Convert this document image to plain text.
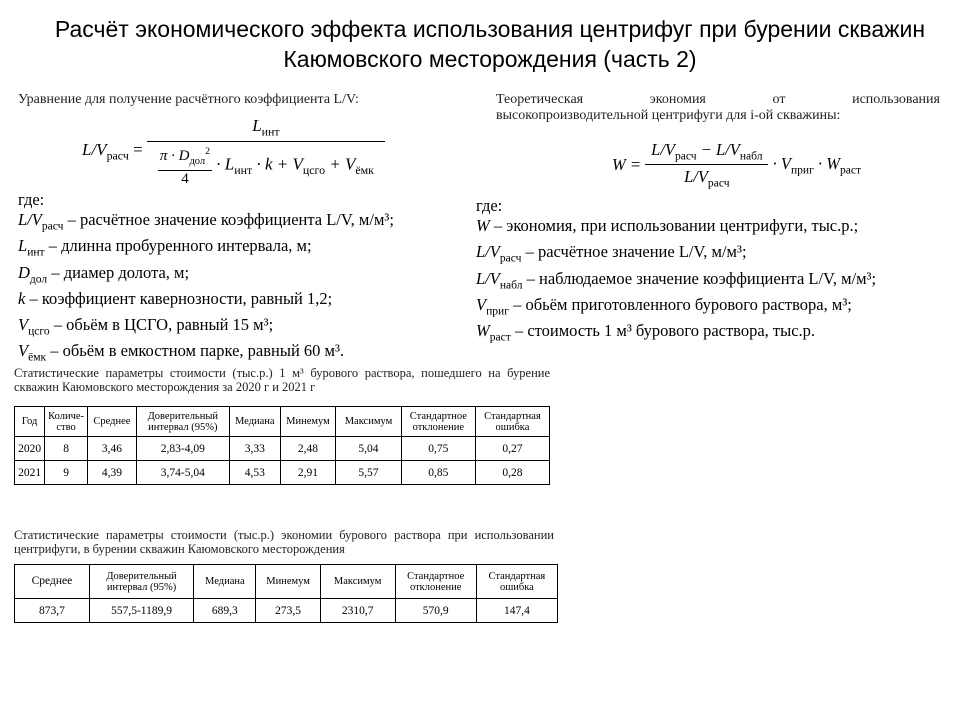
Расчёт экономического эффекта использования центрифуг при бурении скважин Каюмовского месторождения (часть 2)
Уравнение для получение расчётного коэффициента L/V:
$L/V_{расч}$ =
$L_{инт}$
$\frac{\pi \cdot D_{дол}^2}{4} \cdot L_{инт} \cdot k + V_{цсго} + V_{ёмк}$
где:
$L/V_{расч}$ – расчётное значение коэффициента L/V, м/м³;
$L_{инт}$ – длинна пробуренного интервала, м;
$D_{дол}$ – диамер долота, м;
k – коэффициент кавернозности, равный 1,2;
$V_{цсго}$ – обьём в ЦСГО, равный 15 м³;
$V_{ёмк}$ – обьём в емкостном парке, равный 60 м³.
Теоретическая экономия от использования
высокопроизводительной центрифуги для i-ой скважины:
$W = \frac{L/V_{расч} - L/V_{набл}}{L/V_{расч}} \cdot V_{приг} \cdot W_{раст}$
где:
W – экономия, при использовании центрифуги, тыс.р.;
$L/V_{расч}$ – расчётное значение L/V, м/м³;
$L/V_{набл}$ – наблюдаемое значение коэффициента L/V, м/м³;
$V_{приг}$ – обьём приготовленного бурового раствора, м³;
$W_{раст}$ – стоимость 1 м³ бурового раствора, тыс.р.
Статистические параметры стоимости (тыс.р.) 1 м³ бурового раствора, пошедшего на бурение скважин Каюмовского месторождения за 2020 г и 2021 г
Год	Количе-ство	Среднее	Доверительный интервал (95%)	Медиана	Минемум	Максимум	Стандартное отклонение	Стандартная ошибка
2020	8	3,46	2,83-4,09	3,33	2,48	5,04	0,75	0,27
2021	9	4,39	3,74-5,04	4,53	2,91	5,57	0,85	0,28
Статистические параметры стоимости (тыс.р.) экономии бурового раствора при использовании центрифуги, в бурении скважин Каюмовского месторождения
Среднее	Доверительный интервал (95%)	Медиана	Минемум	Максимум	Стандартное отклонение	Стандартная ошибка
873,7	557,5-1189,9	689,3	273,5	2310,7	570,9	147,4
